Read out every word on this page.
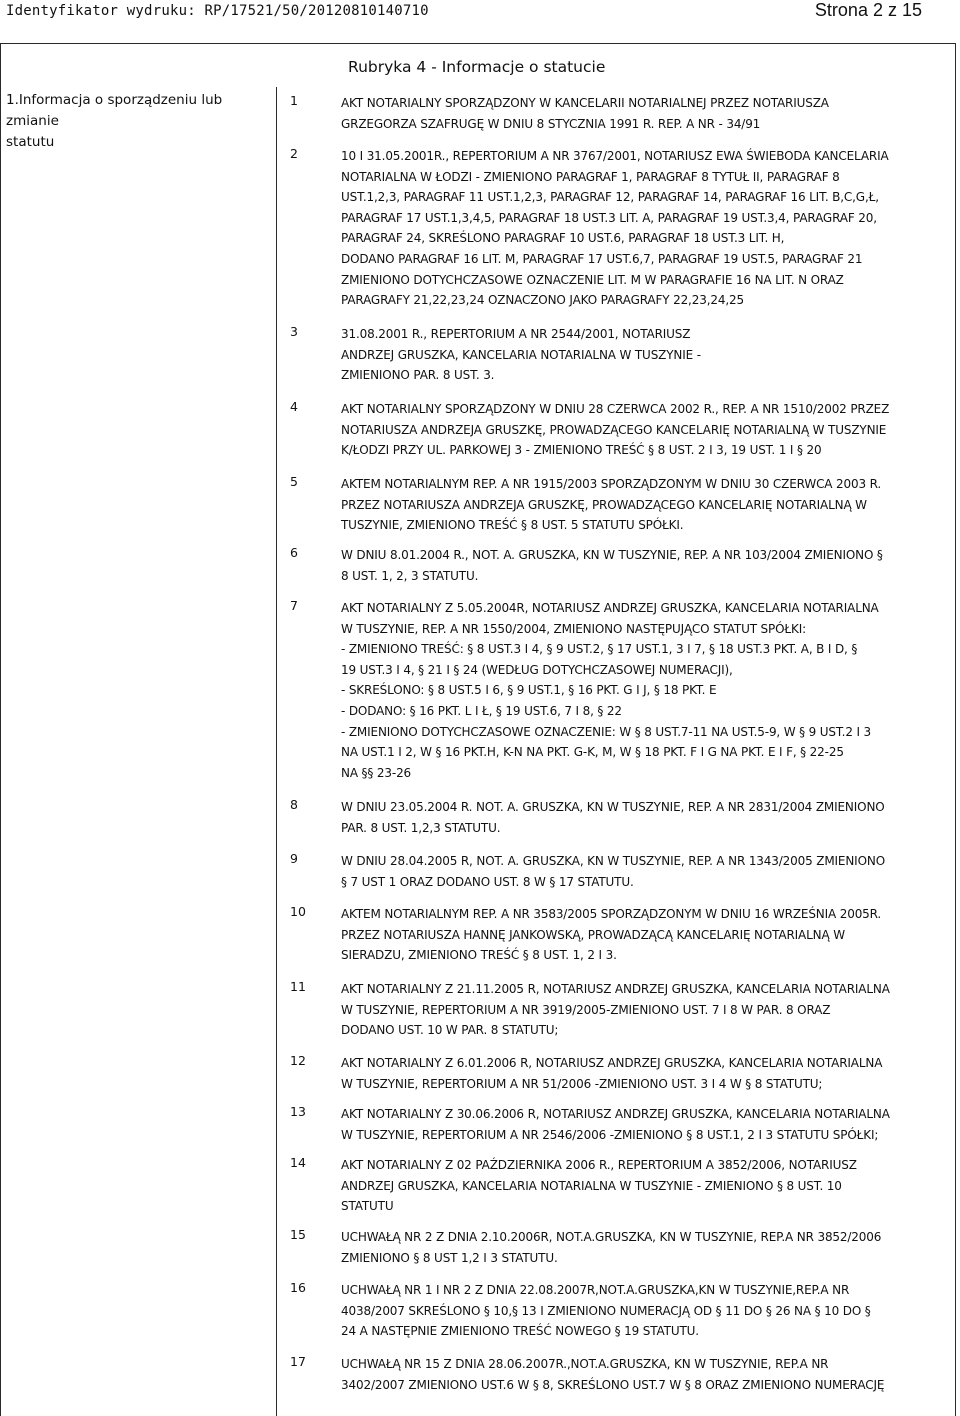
Identyfikator wydruku: RP/17521/50/20120810140710	Strona 2 z 15
Rubryka 4 - Informacje o statucie
1.Informacja o sporządzeniu lub zmianie
statutu
1	AKT NOTARIALNY SPORZĄDZONY W KANCELARII NOTARIALNEJ PRZEZ NOTARIUSZA
GRZEGORZA SZAFRUGĘ W DNIU 8 STYCZNIA 1991 R. REP. A NR - 34/91
2	10 I 31.05.2001R., REPERTORIUM A NR 3767/2001, NOTARIUSZ EWA ŚWIEBODA KANCELARIA
NOTARIALNA W ŁODZI - ZMIENIONO PARAGRAF 1, PARAGRAF 8 TYTUŁ II, PARAGRAF 8
UST.1,2,3, PARAGRAF 11 UST.1,2,3, PARAGRAF 12, PARAGRAF 14, PARAGRAF 16 LIT. B,C,G,Ł,
PARAGRAF 17 UST.1,3,4,5, PARAGRAF 18 UST.3 LIT. A, PARAGRAF 19 UST.3,4, PARAGRAF 20,
PARAGRAF 24, SKREŚLONO PARAGRAF 10 UST.6, PARAGRAF 18 UST.3 LIT. H,
DODANO PARAGRAF 16 LIT. M, PARAGRAF 17 UST.6,7, PARAGRAF 19 UST.5, PARAGRAF 21
ZMIENIONO DOTYCHCZASOWE OZNACZENIE LIT. M W PARAGRAFIE 16 NA LIT. N ORAZ
PARAGRAFY 21,22,23,24 OZNACZONO JAKO PARAGRAFY 22,23,24,25
3	31.08.2001 R., REPERTORIUM A NR 2544/2001, NOTARIUSZ
ANDRZEJ GRUSZKA, KANCELARIA NOTARIALNA W TUSZYNIE -
ZMIENIONO PAR. 8 UST. 3.
4	AKT NOTARIALNY SPORZĄDZONY W DNIU 28 CZERWCA 2002 R., REP. A NR 1510/2002 PRZEZ
NOTARIUSZA ANDRZEJA GRUSZKĘ, PROWADZĄCEGO KANCELARIĘ NOTARIALNĄ W TUSZYNIE
K/ŁODZI PRZY UL. PARKOWEJ 3 - ZMIENIONO TREŚĆ § 8 UST. 2 I 3, 19 UST. 1 I § 20
5	AKTEM NOTARIALNYM REP. A NR 1915/2003 SPORZĄDZONYM W DNIU 30 CZERWCA 2003 R.
PRZEZ NOTARIUSZA ANDRZEJA GRUSZKĘ, PROWADZĄCEGO KANCELARIĘ NOTARIALNĄ W
TUSZYNIE, ZMIENIONO TREŚĆ § 8 UST. 5 STATUTU SPÓŁKI.
6	W DNIU 8.01.2004 R., NOT. A. GRUSZKA, KN W TUSZYNIE, REP. A NR 103/2004 ZMIENIONO §
8 UST. 1, 2, 3 STATUTU.
7	AKT NOTARIALNY Z 5.05.2004R, NOTARIUSZ ANDRZEJ GRUSZKA, KANCELARIA NOTARIALNA
W TUSZYNIE, REP. A NR 1550/2004, ZMIENIONO NASTĘPUJĄCO STATUT SPÓŁKI:
- ZMIENIONO TREŚĆ: § 8 UST.3 I 4, § 9 UST.2, § 17 UST.1, 3 I 7, § 18 UST.3 PKT. A, B I D, §
19 UST.3 I 4, § 21 I § 24 (WEDŁUG DOTYCHCZASOWEJ NUMERACJI),
- SKREŚLONO: § 8 UST.5 I 6, § 9 UST.1, § 16 PKT. G I J, § 18 PKT. E
- DODANO: § 16 PKT. L I Ł, § 19 UST.6, 7 I 8, § 22
- ZMIENIONO DOTYCHCZASOWE OZNACZENIE: W § 8 UST.7-11 NA UST.5-9, W § 9 UST.2 I 3
NA UST.1 I 2, W § 16 PKT.H, K-N NA PKT. G-K, M, W § 18 PKT. F I G NA PKT. E I F, § 22-25
NA §§ 23-26
8	W DNIU 23.05.2004 R. NOT. A. GRUSZKA, KN W TUSZYNIE, REP. A NR 2831/2004 ZMIENIONO
PAR. 8 UST. 1,2,3 STATUTU.
9	W DNIU 28.04.2005 R, NOT. A. GRUSZKA, KN W TUSZYNIE, REP. A NR 1343/2005 ZMIENIONO
§ 7 UST 1 ORAZ DODANO UST. 8 W § 17 STATUTU.
10	AKTEM NOTARIALNYM REP. A NR 3583/2005 SPORZĄDZONYM W DNIU 16 WRZEŚNIA 2005R.
PRZEZ NOTARIUSZA HANNĘ JANKOWSKĄ, PROWADZĄCĄ KANCELARIĘ NOTARIALNĄ W
SIERADZU, ZMIENIONO TREŚĆ § 8 UST. 1, 2 I 3.
11	AKT NOTARIALNY Z 21.11.2005 R, NOTARIUSZ ANDRZEJ GRUSZKA, KANCELARIA NOTARIALNA
W TUSZYNIE, REPERTORIUM A NR 3919/2005-ZMIENIONO UST. 7 I 8 W PAR. 8 ORAZ
DODANO UST. 10 W PAR. 8 STATUTU;
12	AKT NOTARIALNY Z 6.01.2006 R, NOTARIUSZ ANDRZEJ GRUSZKA, KANCELARIA NOTARIALNA
W TUSZYNIE, REPERTORIUM A NR 51/2006 -ZMIENIONO UST. 3 I 4 W § 8 STATUTU;
13	AKT NOTARIALNY Z 30.06.2006 R, NOTARIUSZ ANDRZEJ GRUSZKA, KANCELARIA NOTARIALNA
W TUSZYNIE, REPERTORIUM A NR 2546/2006 -ZMIENIONO § 8 UST.1, 2 I 3 STATUTU SPÓŁKI;
14	AKT NOTARIALNY Z 02 PAŹDZIERNIKA 2006 R., REPERTORIUM A 3852/2006, NOTARIUSZ
ANDRZEJ GRUSZKA, KANCELARIA NOTARIALNA W TUSZYNIE - ZMIENIONO § 8 UST. 10
STATUTU
15	UCHWAŁĄ NR 2 Z DNIA 2.10.2006R, NOT.A.GRUSZKA, KN W TUSZYNIE, REP.A NR 3852/2006
ZMIENIONO § 8 UST 1,2 I 3 STATUTU.
16	UCHWAŁĄ NR 1 I NR 2 Z DNIA 22.08.2007R,NOT.A.GRUSZKA,KN W TUSZYNIE,REP.A NR
4038/2007 SKREŚLONO § 10,§ 13 I ZMIENIONO NUMERACJĄ OD § 11 DO § 26 NA § 10 DO §
24 A NASTĘPNIE ZMIENIONO TREŚĆ NOWEGO § 19 STATUTU.
17	UCHWAŁĄ NR 15 Z DNIA 28.06.2007R.,NOT.A.GRUSZKA, KN W TUSZYNIE, REP.A NR
3402/2007 ZMIENIONO UST.6 W § 8, SKREŚLONO UST.7 W § 8 ORAZ ZMIENIONO NUMERACJĘ
